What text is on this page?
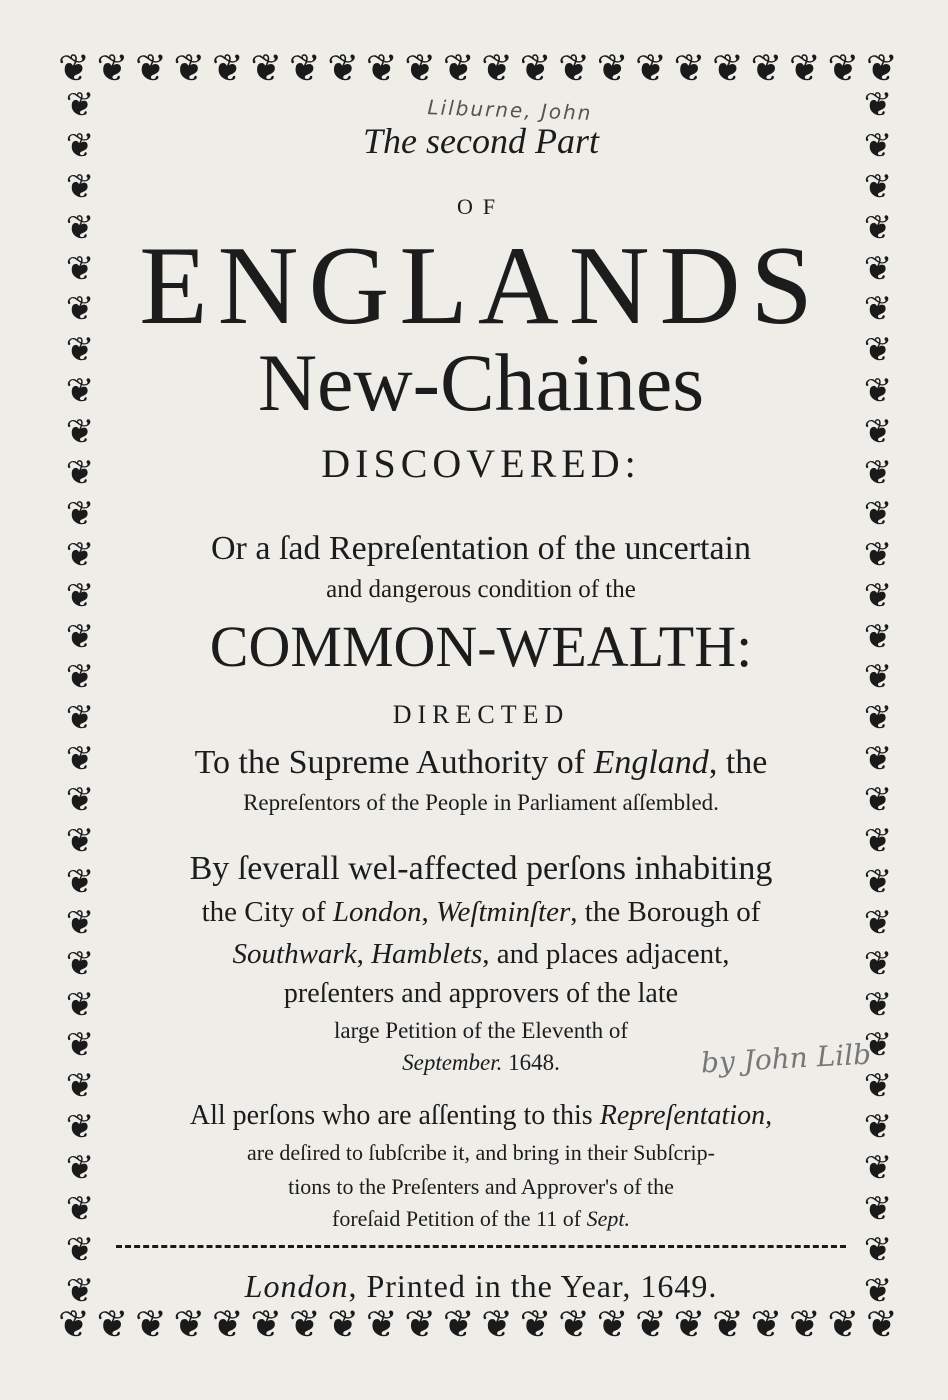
❦ ❦ ❦ ❦ ❦ ❦ ❦ ❦ ❦ ❦ ❦ ❦ ❦ ❦ ❦ ❦ ❦ ❦ ❦ ❦ ❦ ❦
❦ ❦ ❦ ❦ ❦ ❦ ❦ ❦ ❦ ❦ ❦ ❦ ❦ ❦ ❦ ❦ ❦ ❦ ❦ ❦ ❦ ❦
❦
❦
❦
❦
❦
❦
❦
❦
❦
❦
❦
❦
❦
❦
❦
❦
❦
❦
❦
❦
❦
❦
❦
❦
❦
❦
❦
❦
❦
❦
❦
❦
❦
❦
❦
❦
❦
❦
❦
❦
❦
❦
❦
❦
❦
❦
❦
❦
❦
❦
❦
❦
❦
❦
❦
❦
❦
❦
❦
❦
Lilburne, John
The second Part
OF
ENGLANDS
New-Chaines
DISCOVERED:
Or a ſad Repreſentation of the uncertain
and dangerous condition of the
COMMON-WEALTH:
DIRECTED
To the Supreme Authority of England, the
Repreſentors of the People in Parliament aſſembled.
By ſeverall wel-affected perſons inhabiting
the City of London, Weſtminſter, the Borough of
Southwark, Hamblets, and places adjacent,
preſenters and approvers of the late
large Petition of the Eleventh of
September. 1648.	by John Lilb
All perſons who are aſſenting to this Repreſentation,
are deſired to ſubſcribe it, and bring in their Subſcrip-
tions to the Preſenters and Approver's of the
foreſaid Petition of the 11 of Sept.
London, Printed in the Year, 1649.
